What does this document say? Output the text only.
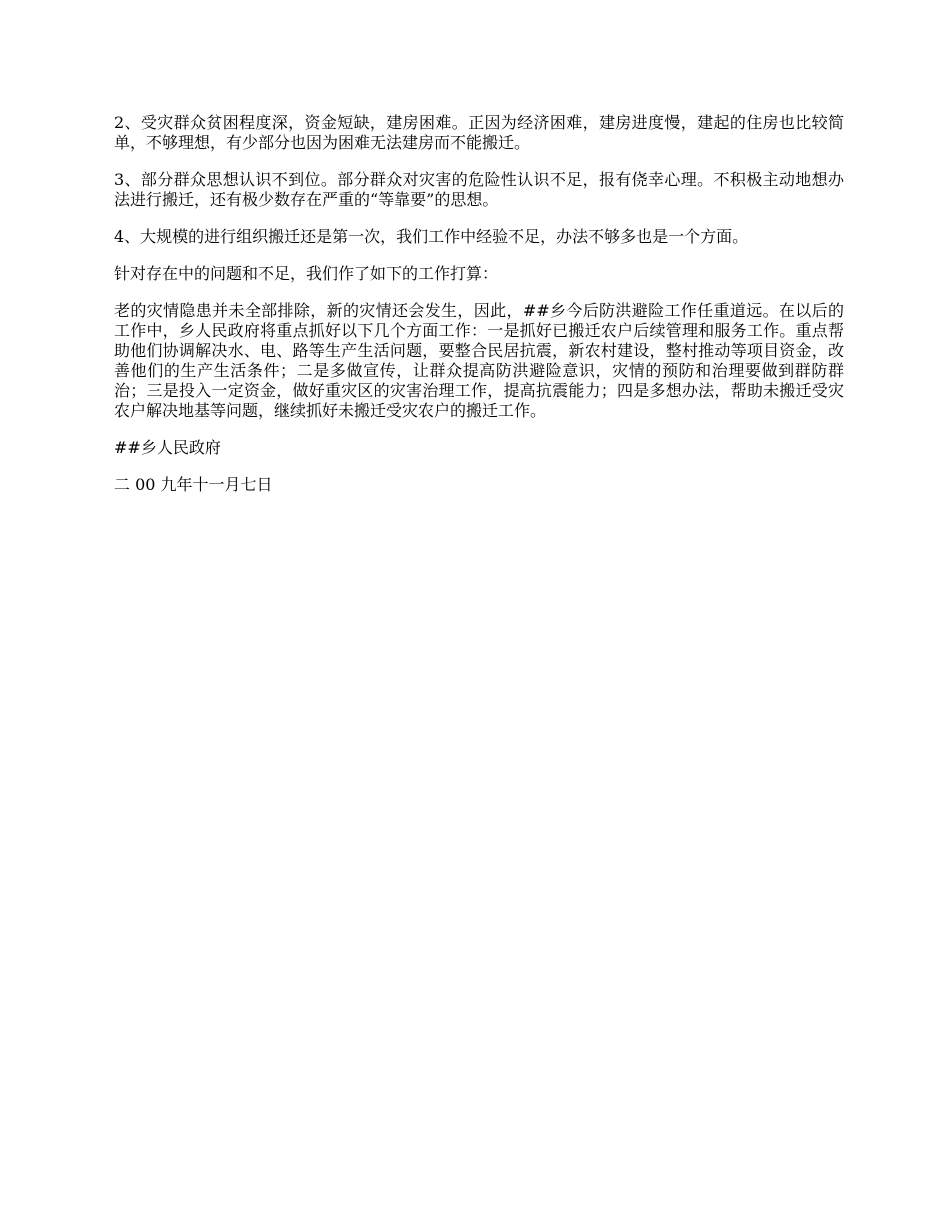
2、受灾群众贫困程度深，资金短缺，建房困难。正因为经济困难，建房进度慢，建起的住房也比较简单，不够理想，有少部分也因为困难无法建房而不能搬迁。

3、部分群众思想认识不到位。部分群众对灾害的危险性认识不足，报有侥幸心理。不积极主动地想办法进行搬迁，还有极少数存在严重的“等靠要”的思想。

4、大规模的进行组织搬迁还是第一次，我们工作中经验不足，办法不够多也是一个方面。

针对存在中的问题和不足，我们作了如下的工作打算：

老的灾情隐患并未全部排除，新的灾情还会发生，因此，##乡今后防洪避险工作任重道远。在以后的工作中，乡人民政府将重点抓好以下几个方面工作：一是抓好已搬迁农户后续管理和服务工作。重点帮助他们协调解决水、电、路等生产生活问题，要整合民居抗震，新农村建设，整村推动等项目资金，改善他们的生产生活条件；二是多做宣传，让群众提高防洪避险意识，灾情的预防和治理要做到群防群治；三是投入一定资金，做好重灾区的灾害治理工作，提高抗震能力；四是多想办法，帮助未搬迁受灾农户解决地基等问题，继续抓好未搬迁受灾农户的搬迁工作。

##乡人民政府

二 00 九年十一月七日
